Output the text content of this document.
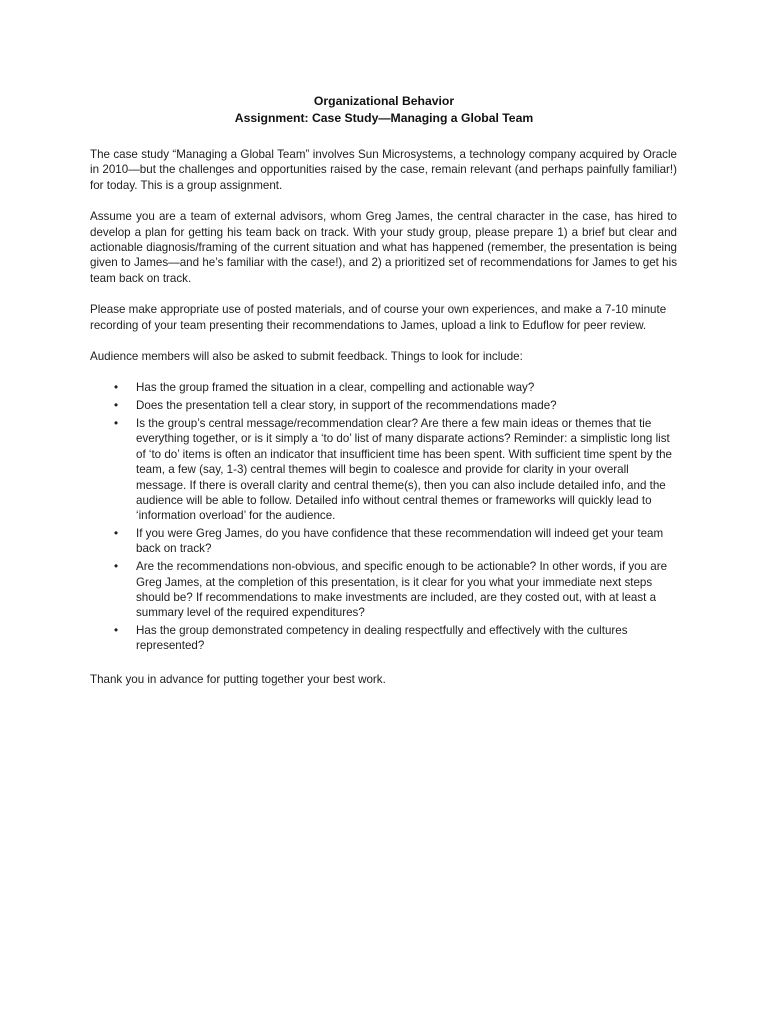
Organizational Behavior
Assignment: Case Study—Managing a Global Team

The case study “Managing a Global Team” involves Sun Microsystems, a technology company acquired by Oracle in 2010—but the challenges and opportunities raised by the case, remain relevant (and perhaps painfully familiar!) for today. This is a group assignment.

Assume you are a team of external advisors, whom Greg James, the central character in the case, has hired to develop a plan for getting his team back on track. With your study group, please prepare 1) a brief but clear and actionable diagnosis/framing of the current situation and what has happened (remember, the presentation is being given to James—and he’s familiar with the case!), and 2) a prioritized set of recommendations for James to get his team back on track.

Please make appropriate use of posted materials, and of course your own experiences, and make a 7-10 minute recording of your team presenting their recommendations to James, upload a link to Eduflow for peer review.

Audience members will also be asked to submit feedback. Things to look for include:

• Has the group framed the situation in a clear, compelling and actionable way?
• Does the presentation tell a clear story, in support of the recommendations made?
• Is the group’s central message/recommendation clear? Are there a few main ideas or themes that tie everything together, or is it simply a ‘to do’ list of many disparate actions? Reminder: a simplistic long list of ‘to do’ items is often an indicator that insufficient time has been spent. With sufficient time spent by the team, a few (say, 1-3) central themes will begin to coalesce and provide for clarity in your overall message. If there is overall clarity and central theme(s), then you can also include detailed info, and the audience will be able to follow. Detailed info without central themes or frameworks will quickly lead to ‘information overload’ for the audience.
• If you were Greg James, do you have confidence that these recommendation will indeed get your team back on track?
• Are the recommendations non-obvious, and specific enough to be actionable? In other words, if you are Greg James, at the completion of this presentation, is it clear for you what your immediate next steps should be? If recommendations to make investments are included, are they costed out, with at least a summary level of the required expenditures?
• Has the group demonstrated competency in dealing respectfully and effectively with the cultures represented?

Thank you in advance for putting together your best work.
